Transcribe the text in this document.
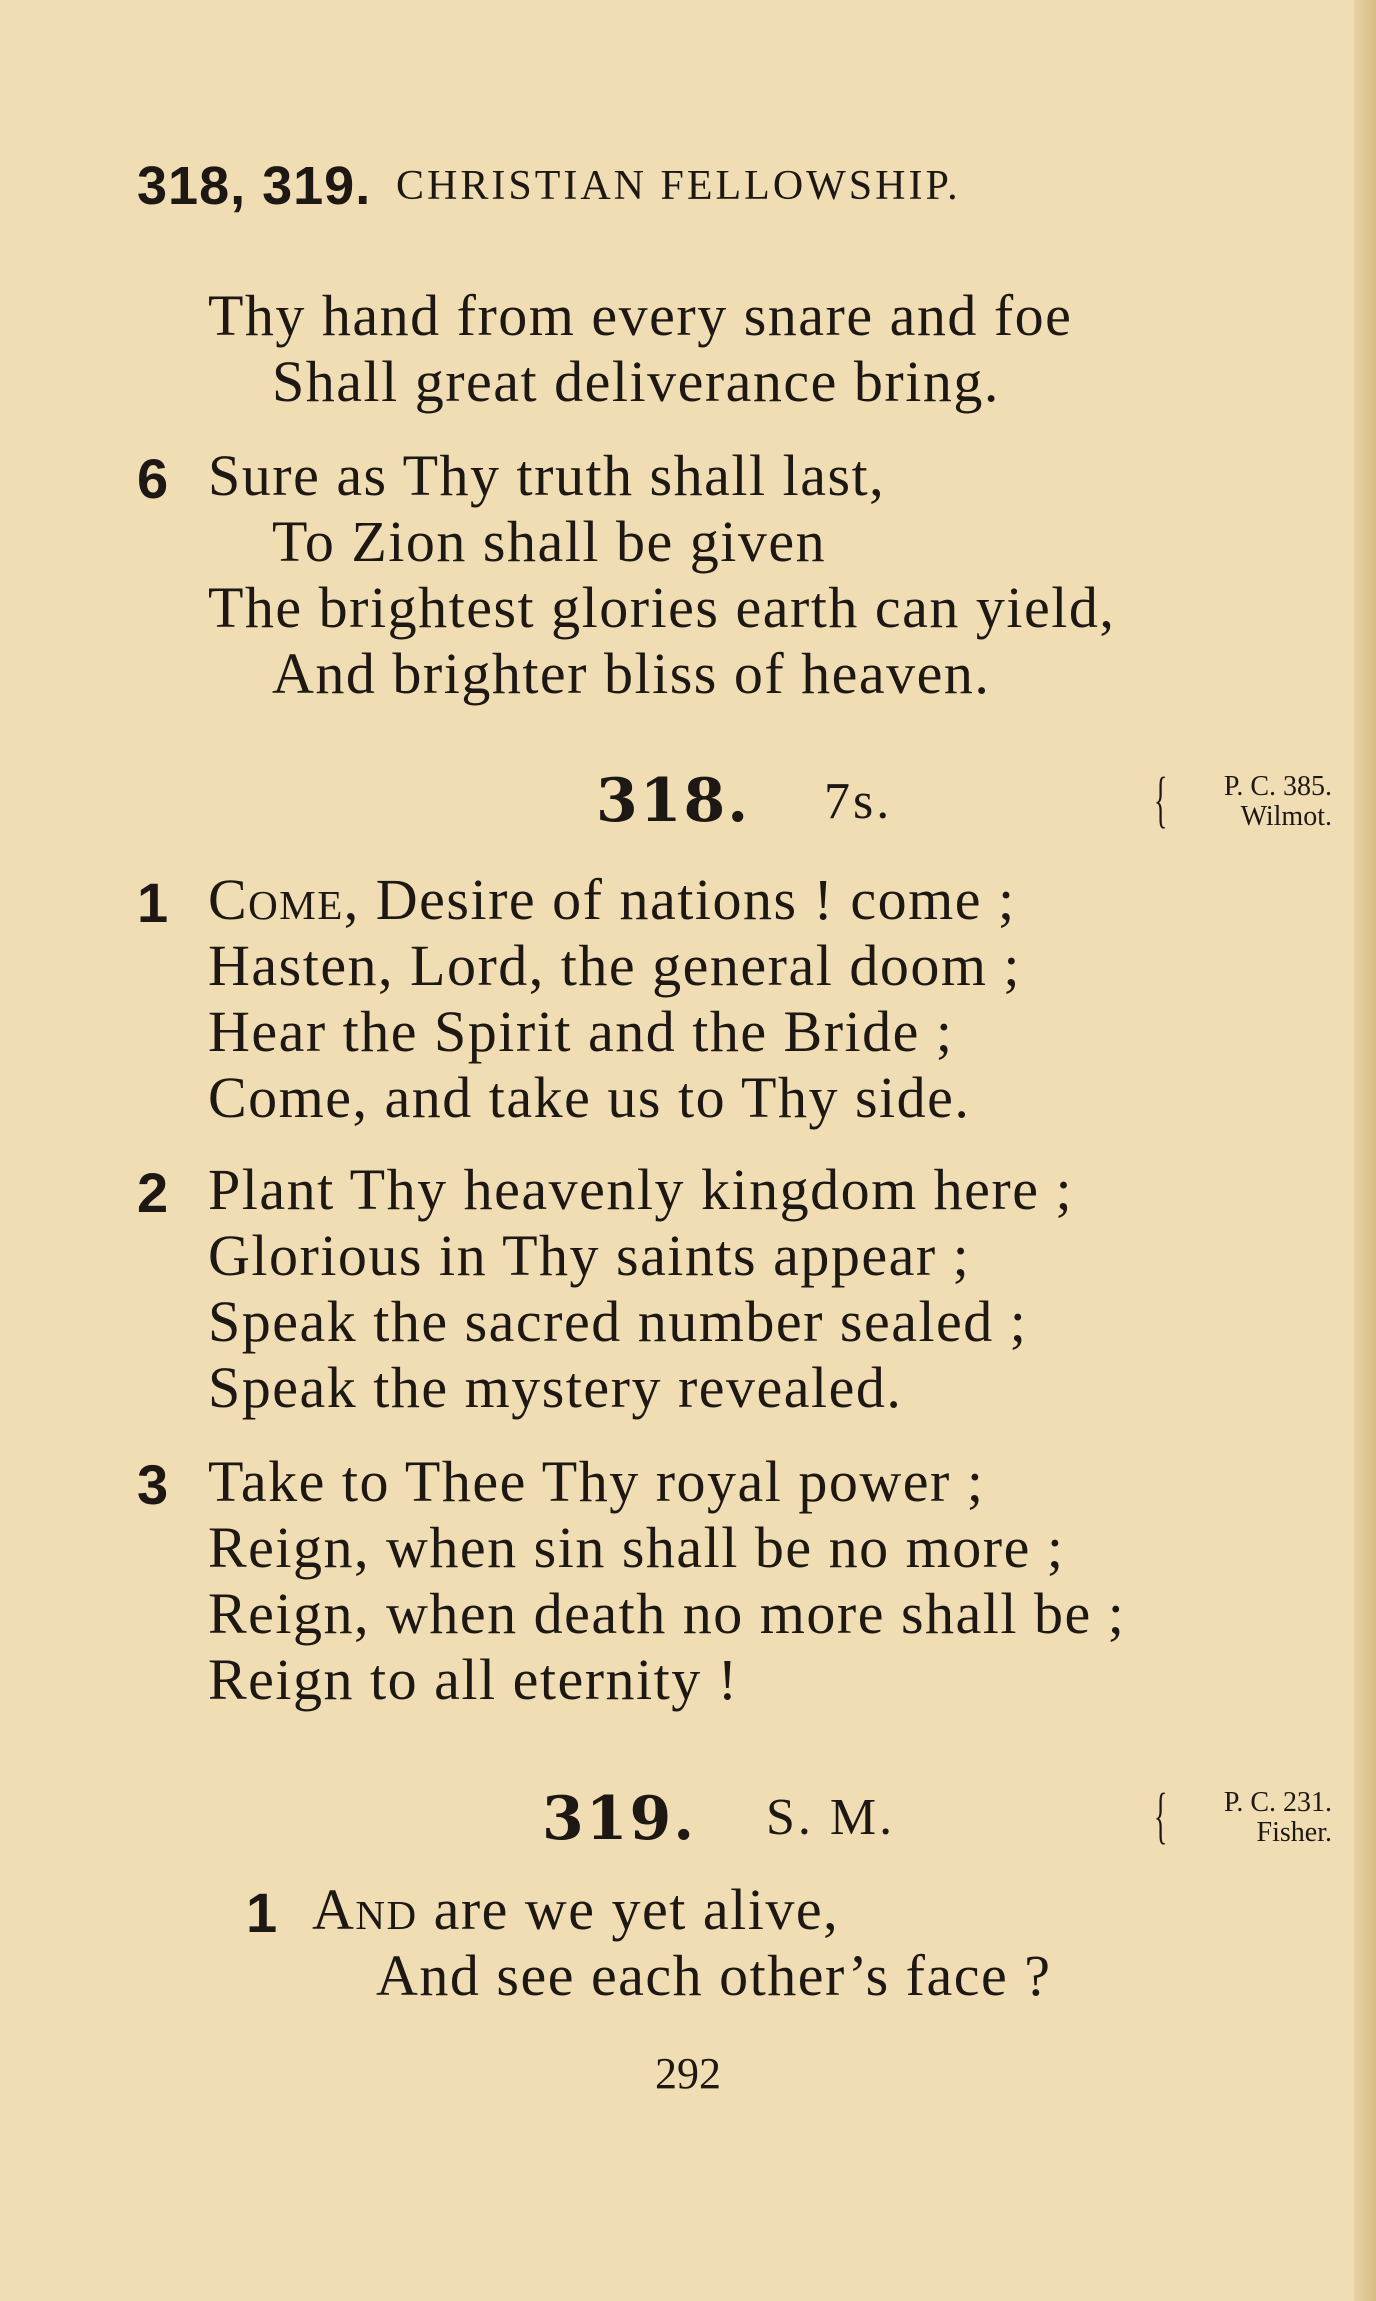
318, 319. CHRISTIAN FELLOWSHIP.
Thy hand from every snare and foe
Shall great deliverance bring.
6 Sure as Thy truth shall last,
To Zion shall be given
The brightest glories earth can yield,
And brighter bliss of heaven.
318. 7s.	{ P. C. 385.
Wilmot.
1 Come, Desire of nations ! come ;
Hasten, Lord, the general doom ;
Hear the Spirit and the Bride ;
Come, and take us to Thy side.
2 Plant Thy heavenly kingdom here ;
Glorious in Thy saints appear ;
Speak the sacred number sealed ;
Speak the mystery revealed.
3 Take to Thee Thy royal power ;
Reign, when sin shall be no more ;
Reign, when death no more shall be ;
Reign to all eternity !
319. S. M.	{ P. C. 231.
Fisher.
1 And are we yet alive,
And see each other’s face ?
292
